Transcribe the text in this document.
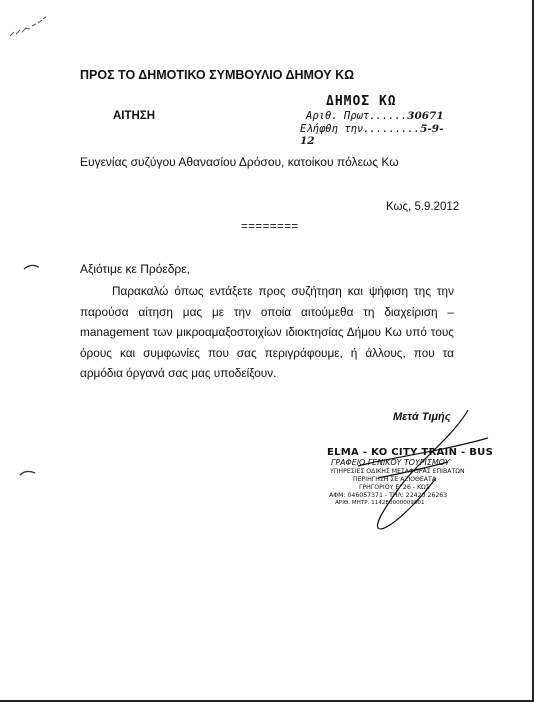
ΠΡΟΣ ΤΟ ΔΗΜΟΤΙΚΟ ΣΥΜΒΟΥΛΙΟ ΔΗΜΟΥ ΚΩ
ΑΙΤΗΣΗ
ΔΗΜΟΣ ΚΩ
Αριθ. Πρωτ......30671
Ελήφθη την.........5-9-12
Ευγενίας συζύγου Αθανασίου Δρόσου, κατοίκου πόλεως Κω
Κως, 5.9.2012
========
Αξιότιμε κε Πρόεδρε,
Παρακαλώ όπως εντάξετε προς συζήτηση και ψήφιση της την παρούσα αίτηση μας με την οποία αιτούμεθα τη διαχείριση – management των μικροαμαξοστοιχίων ιδιοκτησίας Δήμου Κω υπό τους όρους και συμφωνίες που σας περιγράφουμε, ή άλλους, που τα αρμόδια όργανά σας μας υποδείξουν.
Μετά Τιμής
ELMA - KO CITY TRAIN - BUS
ΓΡΑΦΕΙΟ ΓΕΝΙΚΟΥ ΤΟΥΡΙΣΜΟΥ
ΥΠΗΡΕΣΙΕΣ ΟΔΙΚΗΣ ΜΕΤΑΦΟΡΑΣ ΕΠΙΒΑΤΩΝ
ΠΕΡΙΗΓΗΣΗ ΣΕ ΑΞΙΟΘΕΑΤΑ
ΓΡΗΓΟΡΙΟΥ Ε' 26 - ΚΩΣ
ΑΦΜ: 046057371 - ΤΗΛ: 22420 26263
ΑΡΙΘ. ΜΗΤΡ. 1142Ε0000009801
